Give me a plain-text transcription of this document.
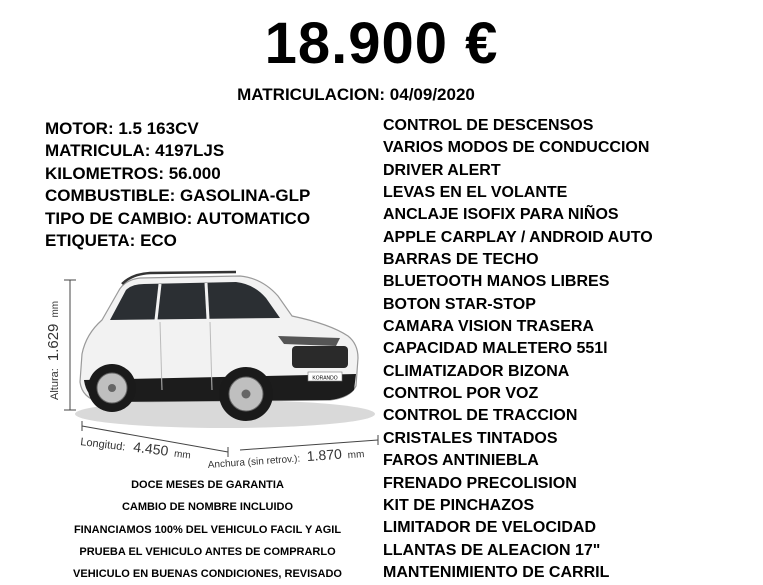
18.900 €
MATRICULACION: 04/09/2020
MOTOR: 1.5 163CV
MATRICULA: 4197LJS
KILOMETROS: 56.000
COMBUSTIBLE: GASOLINA-GLP
TIPO DE CAMBIO: AUTOMATICO
ETIQUETA: ECO
CONTROL DE DESCENSOS
VARIOS MODOS DE CONDUCCION
DRIVER ALERT
LEVAS EN EL VOLANTE
ANCLAJE ISOFIX PARA NIÑOS
APPLE CARPLAY / ANDROID AUTO
BARRAS DE TECHO
BLUETOOTH MANOS LIBRES
BOTON STAR-STOP
CAMARA VISION TRASERA
CAPACIDAD MALETERO 551l
CLIMATIZADOR BIZONA
CONTROL POR VOZ
CONTROL DE TRACCION
CRISTALES TINTADOS
FAROS ANTINIEBLA
FRENADO PRECOLISION
KIT DE PINCHAZOS
LIMITADOR DE VELOCIDAD
LLANTAS DE ALEACION 17"
MANTENIMIENTO DE CARRIL
Altura: 1.629 mm
KORANDO
Longitud: 4.450 mm Anchura (sin retrov.): 1.870 mm
DOCE MESES DE GARANTIA
CAMBIO DE NOMBRE INCLUIDO
FINANCIAMOS 100% DEL VEHICULO FACIL Y AGIL
PRUEBA EL VEHICULO ANTES DE COMPRARLO
VEHICULO EN BUENAS CONDICIONES, REVISADO
